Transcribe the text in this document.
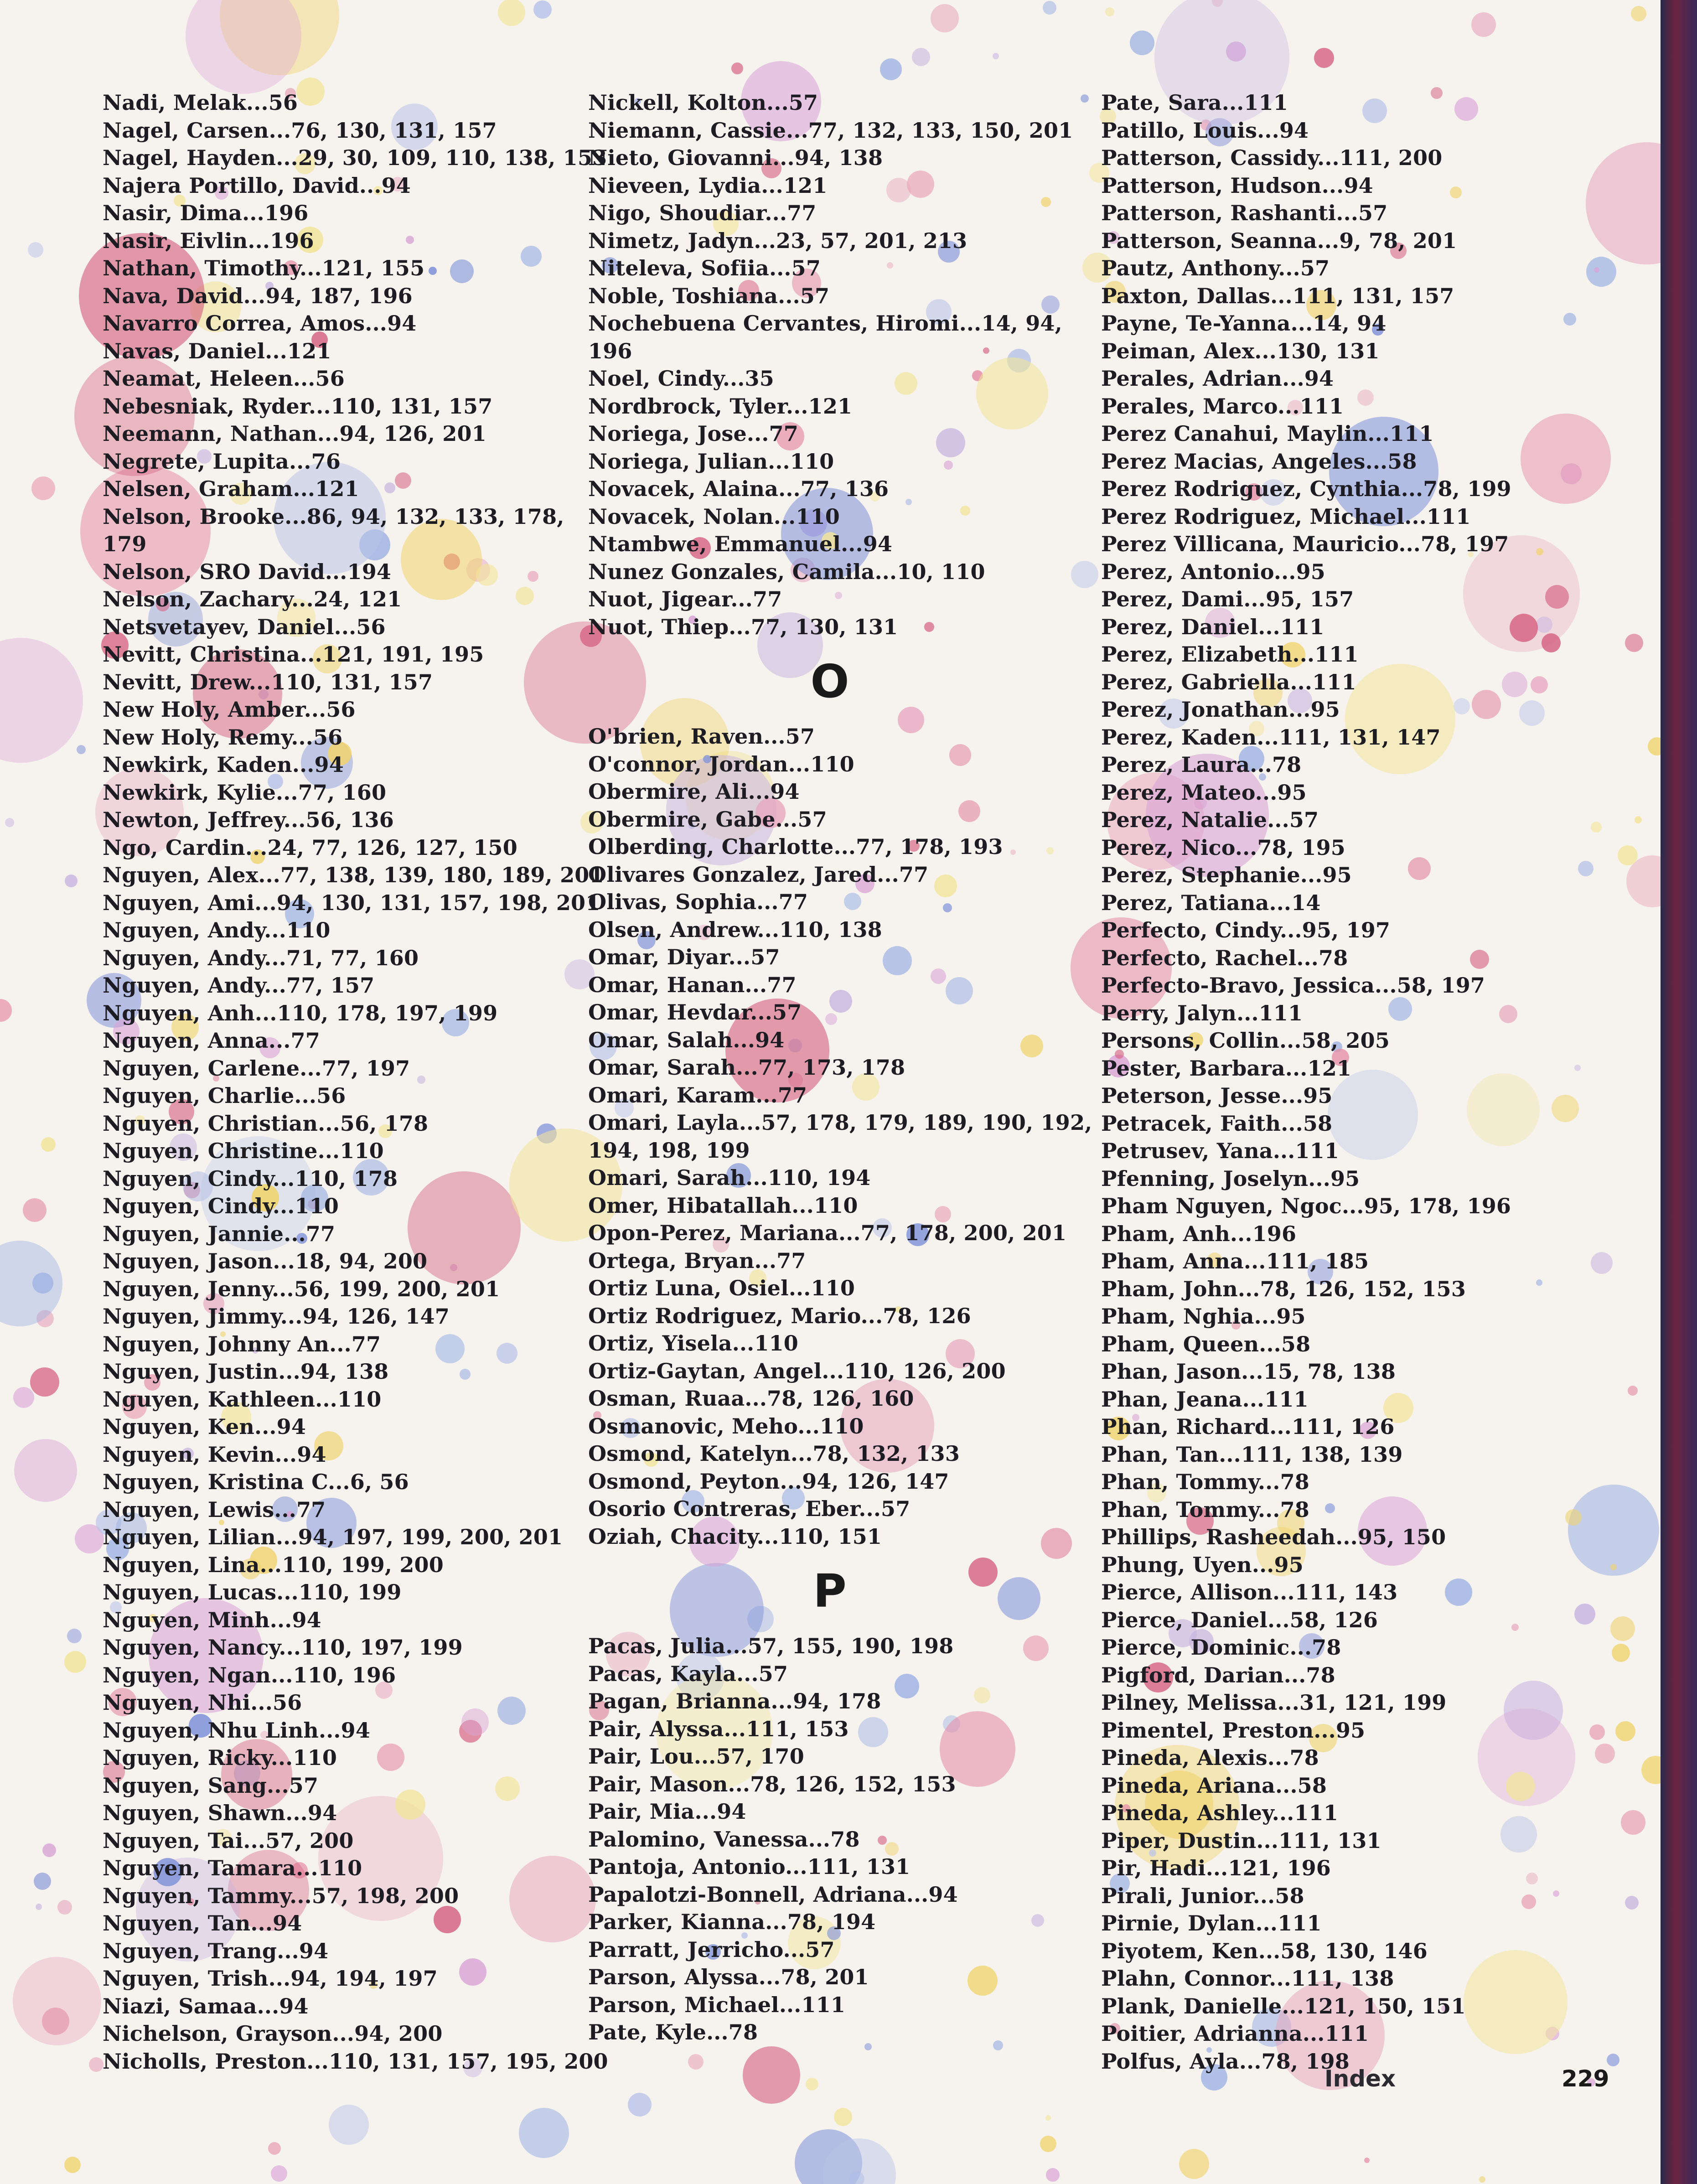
Nadi, Melak...56
Nagel, Carsen...76, 130, 131, 157
Nagel, Hayden...29, 30, 109, 110, 138, 153
Najera Portillo, David...94
Nasir, Dima...196
Nasir, Eivlin...196
Nathan, Timothy...121, 155
Nava, David...94, 187, 196
Navarro Correa, Amos...94
Navas, Daniel...121
Neamat, Heleen...56
Nebesniak, Ryder...110, 131, 157
Neemann, Nathan...94, 126, 201
Negrete, Lupita...76
Nelsen, Graham...121
Nelson, Brooke...86, 94, 132, 133, 178,
179
Nelson, SRO David...194
Nelson, Zachary...24, 121
Netsvetayev, Daniel...56
Nevitt, Christina...121, 191, 195
Nevitt, Drew...110, 131, 157
New Holy, Amber...56
New Holy, Remy...56
Newkirk, Kaden...94
Newkirk, Kylie...77, 160
Newton, Jeffrey...56, 136
Ngo, Cardin...24, 77, 126, 127, 150
Nguyen, Alex...77, 138, 139, 180, 189, 201
Nguyen, Ami...94, 130, 131, 157, 198, 201
Nguyen, Andy...110
Nguyen, Andy...71, 77, 160
Nguyen, Andy...77, 157
Nguyen, Anh...110, 178, 197, 199
Nguyen, Anna...77
Nguyen, Carlene...77, 197
Nguyen, Charlie...56
Nguyen, Christian...56, 178
Nguyen, Christine...110
Nguyen, Cindy...110, 178
Nguyen, Cindy...110
Nguyen, Jannie...77
Nguyen, Jason...18, 94, 200
Nguyen, Jenny...56, 199, 200, 201
Nguyen, Jimmy...94, 126, 147
Nguyen, Johnny An...77
Nguyen, Justin...94, 138
Nguyen, Kathleen...110
Nguyen, Ken...94
Nguyen, Kevin...94
Nguyen, Kristina C...6, 56
Nguyen, Lewis...77
Nguyen, Lilian...94, 197, 199, 200, 201
Nguyen, Lina...110, 199, 200
Nguyen, Lucas...110, 199
Nguyen, Minh...94
Nguyen, Nancy...110, 197, 199
Nguyen, Ngan...110, 196
Nguyen, Nhi...56
Nguyen, Nhu Linh...94
Nguyen, Ricky...110
Nguyen, Sang...57
Nguyen, Shawn...94
Nguyen, Tai...57, 200
Nguyen, Tamara...110
Nguyen, Tammy...57, 198, 200
Nguyen, Tan...94
Nguyen, Trang...94
Nguyen, Trish...94, 194, 197
Niazi, Samaa...94
Nichelson, Grayson...94, 200
Nicholls, Preston...110, 131, 157, 195, 200
Nickell, Kolton...57
Niemann, Cassie...77, 132, 133, 150, 201
Nieto, Giovanni...94, 138
Nieveen, Lydia...121
Nigo, Shoudiar...77
Nimetz, Jadyn...23, 57, 201, 213
Niteleva, Sofiia...57
Noble, Toshiana...57
Nochebuena Cervantes, Hiromi...14, 94,
196
Noel, Cindy...35
Nordbrock, Tyler...121
Noriega, Jose...77
Noriega, Julian...110
Novacek, Alaina...77, 136
Novacek, Nolan...110
Ntambwe, Emmanuel...94
Nunez Gonzales, Camila...10, 110
Nuot, Jigear...77
Nuot, Thiep...77, 130, 131
O
O'brien, Raven...57
O'connor, Jordan...110
Obermire, Ali...94
Obermire, Gabe...57
Olberding, Charlotte...77, 178, 193
Olivares Gonzalez, Jared...77
Olivas, Sophia...77
Olsen, Andrew...110, 138
Omar, Diyar...57
Omar, Hanan...77
Omar, Hevdar...57
Omar, Salah...94
Omar, Sarah...77, 173, 178
Omari, Karam...77
Omari, Layla...57, 178, 179, 189, 190, 192,
194, 198, 199
Omari, Sarah...110, 194
Omer, Hibatallah...110
Opon-Perez, Mariana...77, 178, 200, 201
Ortega, Bryan...77
Ortiz Luna, Osiel...110
Ortiz Rodriguez, Mario...78, 126
Ortiz, Yisela...110
Ortiz-Gaytan, Angel...110, 126, 200
Osman, Ruaa...78, 126, 160
Osmanovic, Meho...110
Osmond, Katelyn...78, 132, 133
Osmond, Peyton...94, 126, 147
Osorio Contreras, Eber...57
Oziah, Chacity...110, 151
P
Pacas, Julia...57, 155, 190, 198
Pacas, Kayla...57
Pagan, Brianna...94, 178
Pair, Alyssa...111, 153
Pair, Lou...57, 170
Pair, Mason...78, 126, 152, 153
Pair, Mia...94
Palomino, Vanessa...78
Pantoja, Antonio...111, 131
Papalotzi-Bonnell, Adriana...94
Parker, Kianna...78, 194
Parratt, Jerricho...57
Parson, Alyssa...78, 201
Parson, Michael...111
Pate, Kyle...78
Pate, Sara...111
Patillo, Louis...94
Patterson, Cassidy...111, 200
Patterson, Hudson...94
Patterson, Rashanti...57
Patterson, Seanna...9, 78, 201
Pautz, Anthony...57
Paxton, Dallas...111, 131, 157
Payne, Te-Yanna...14, 94
Peiman, Alex...130, 131
Perales, Adrian...94
Perales, Marco...111
Perez Canahui, Maylin...111
Perez Macias, Angeles...58
Perez Rodriguez, Cynthia...78, 199
Perez Rodriguez, Michael...111
Perez Villicana, Mauricio...78, 197
Perez, Antonio...95
Perez, Dami...95, 157
Perez, Daniel...111
Perez, Elizabeth...111
Perez, Gabriella...111
Perez, Jonathan...95
Perez, Kaden...111, 131, 147
Perez, Laura...78
Perez, Mateo...95
Perez, Natalie...57
Perez, Nico...78, 195
Perez, Stephanie...95
Perez, Tatiana...14
Perfecto, Cindy...95, 197
Perfecto, Rachel...78
Perfecto-Bravo, Jessica...58, 197
Perry, Jalyn...111
Persons, Collin...58, 205
Pester, Barbara...121
Peterson, Jesse...95
Petracek, Faith...58
Petrusev, Yana...111
Pfenning, Joselyn...95
Pham Nguyen, Ngoc...95, 178, 196
Pham, Anh...196
Pham, Anna...111, 185
Pham, John...78, 126, 152, 153
Pham, Nghia...95
Pham, Queen...58
Phan, Jason...15, 78, 138
Phan, Jeana...111
Phan, Richard...111, 126
Phan, Tan...111, 138, 139
Phan, Tommy...78
Phan, Tommy...78
Phillips, Rasheedah...95, 150
Phung, Uyen...95
Pierce, Allison...111, 143
Pierce, Daniel...58, 126
Pierce, Dominic...78
Pigford, Darian...78
Pilney, Melissa...31, 121, 199
Pimentel, Preston...95
Pineda, Alexis...78
Pineda, Ariana...58
Pineda, Ashley...111
Piper, Dustin...111, 131
Pir, Hadi...121, 196
Pirali, Junior...58
Pirnie, Dylan...111
Piyotem, Ken...58, 130, 146
Plahn, Connor...111, 138
Plank, Danielle...121, 150, 151
Poitier, Adrianna...111
Polfus, Ayla...78, 198
Index	229
